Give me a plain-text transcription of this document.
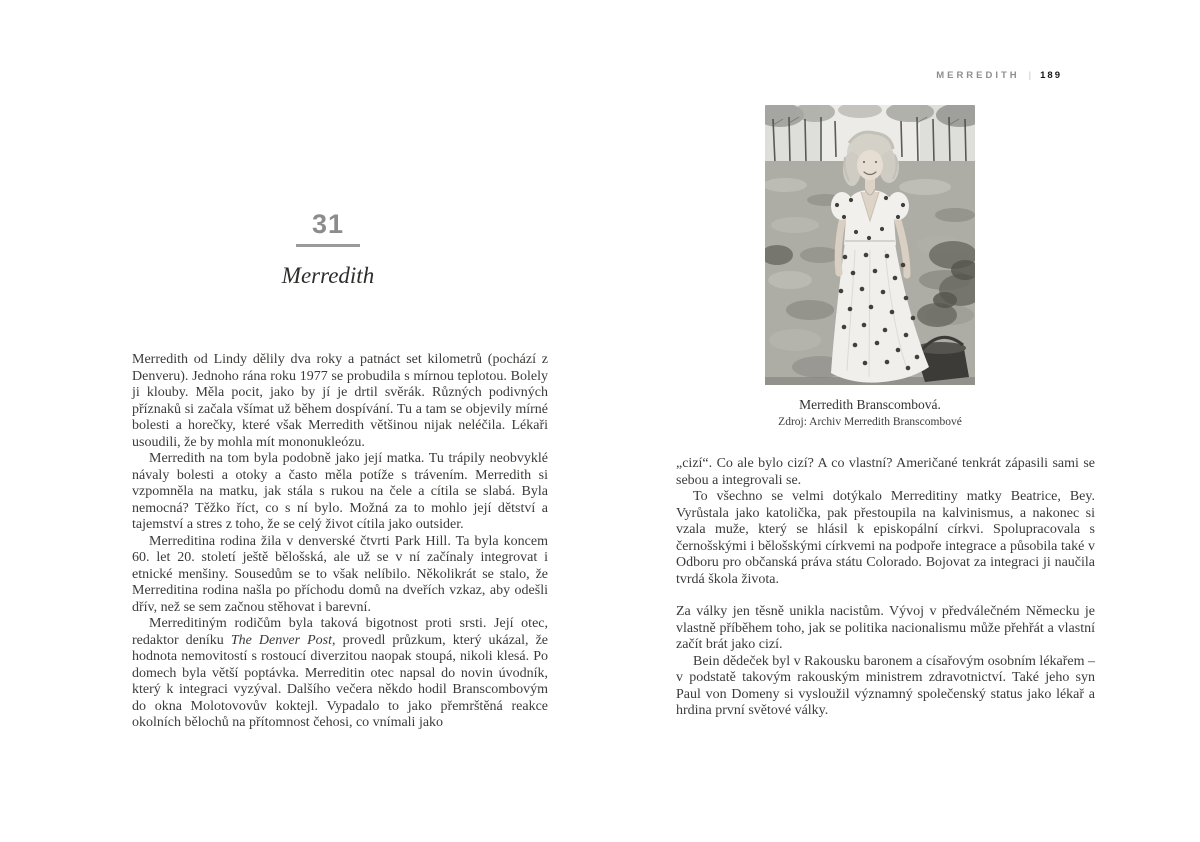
MERREDITH | 189
31
Merredith

Merredith od Lindy dělily dva roky a patnáct set kilometrů (pochází z Denveru). Jednoho rána roku 1977 se probudila s mírnou teplotou. Bolely ji klouby. Měla pocit, jako by jí je drtil svěrák. Různých podivných příznaků si začala všímat už během dospívání. Tu a tam se objevily mírné bolesti a horečky, které však Merredith většinou nijak neléčila. Lékaři usoudili, že by mohla mít mononukleózu.

Merredith na tom byla podobně jako její matka. Tu trápily neobvyklé návaly bolesti a otoky a často měla potíže s trávením. Merredith si vzpomněla na matku, jak stála s rukou na čele a cítila se slabá. Byla nemocná? Těžko říct, co s ní bylo. Možná za to mohlo její dětství a tajemství a stres z toho, že se celý život cítila jako outsider.

Merreditina rodina žila v denverské čtvrti Park Hill. Ta byla koncem 60. let 20. století ještě bělošská, ale už se v ní začínaly integrovat i etnické menšiny. Sousedům se to však nelíbilo. Několikrát se stalo, že Merreditina rodina našla po příchodu domů na dveřích vzkaz, aby odešli dřív, než se sem začnou stěhovat i barevní.

Merreditiným rodičům byla taková bigotnost proti srsti. Její otec, redaktor deníku The Denver Post, provedl průzkum, který ukázal, že hodnota nemovitostí s rostoucí diverzitou naopak stoupá, nikoli klesá. Po domech byla větší poptávka. Merreditin otec napsal do novin úvodník, který k integraci vyzýval. Dalšího večera někdo hodil Branscombovým do okna Molotovovův koktejl. Vypadalo to jako přemrštěná reakce okolních bělochů na přítomnost čehosi, co vnímali jako

Merredith Branscombová.
Zdroj: Archiv Merredith Branscombové

„cizí“. Co ale bylo cizí? A co vlastní? Američané tenkrát zápasili sami se sebou a integrovali se.

To všechno se velmi dotýkalo Merreditiny matky Beatrice, Bey. Vyrůstala jako katolička, pak přestoupila na kalvinismus, a nakonec si vzala muže, který se hlásil k episkopální církvi. Spolupracovala s černošskými i bělošskými církvemi na podpoře integrace a působila také v Odboru pro občanská práva státu Colorado. Bojovat za integraci ji naučila tvrdá škola života.

Za války jen těsně unikla nacistům. Vývoj v předválečném Německu je vlastně příběhem toho, jak se politika nacionalismu může přehřát a vlastní začít brát jako cizí.

Bein dědeček byl v Rakousku baronem a císařovým osobním lékařem – v podstatě takovým rakouským ministrem zdravotnictví. Také jeho syn Paul von Domeny si vysloužil významný společenský status jako lékař a hrdina první světové války.
